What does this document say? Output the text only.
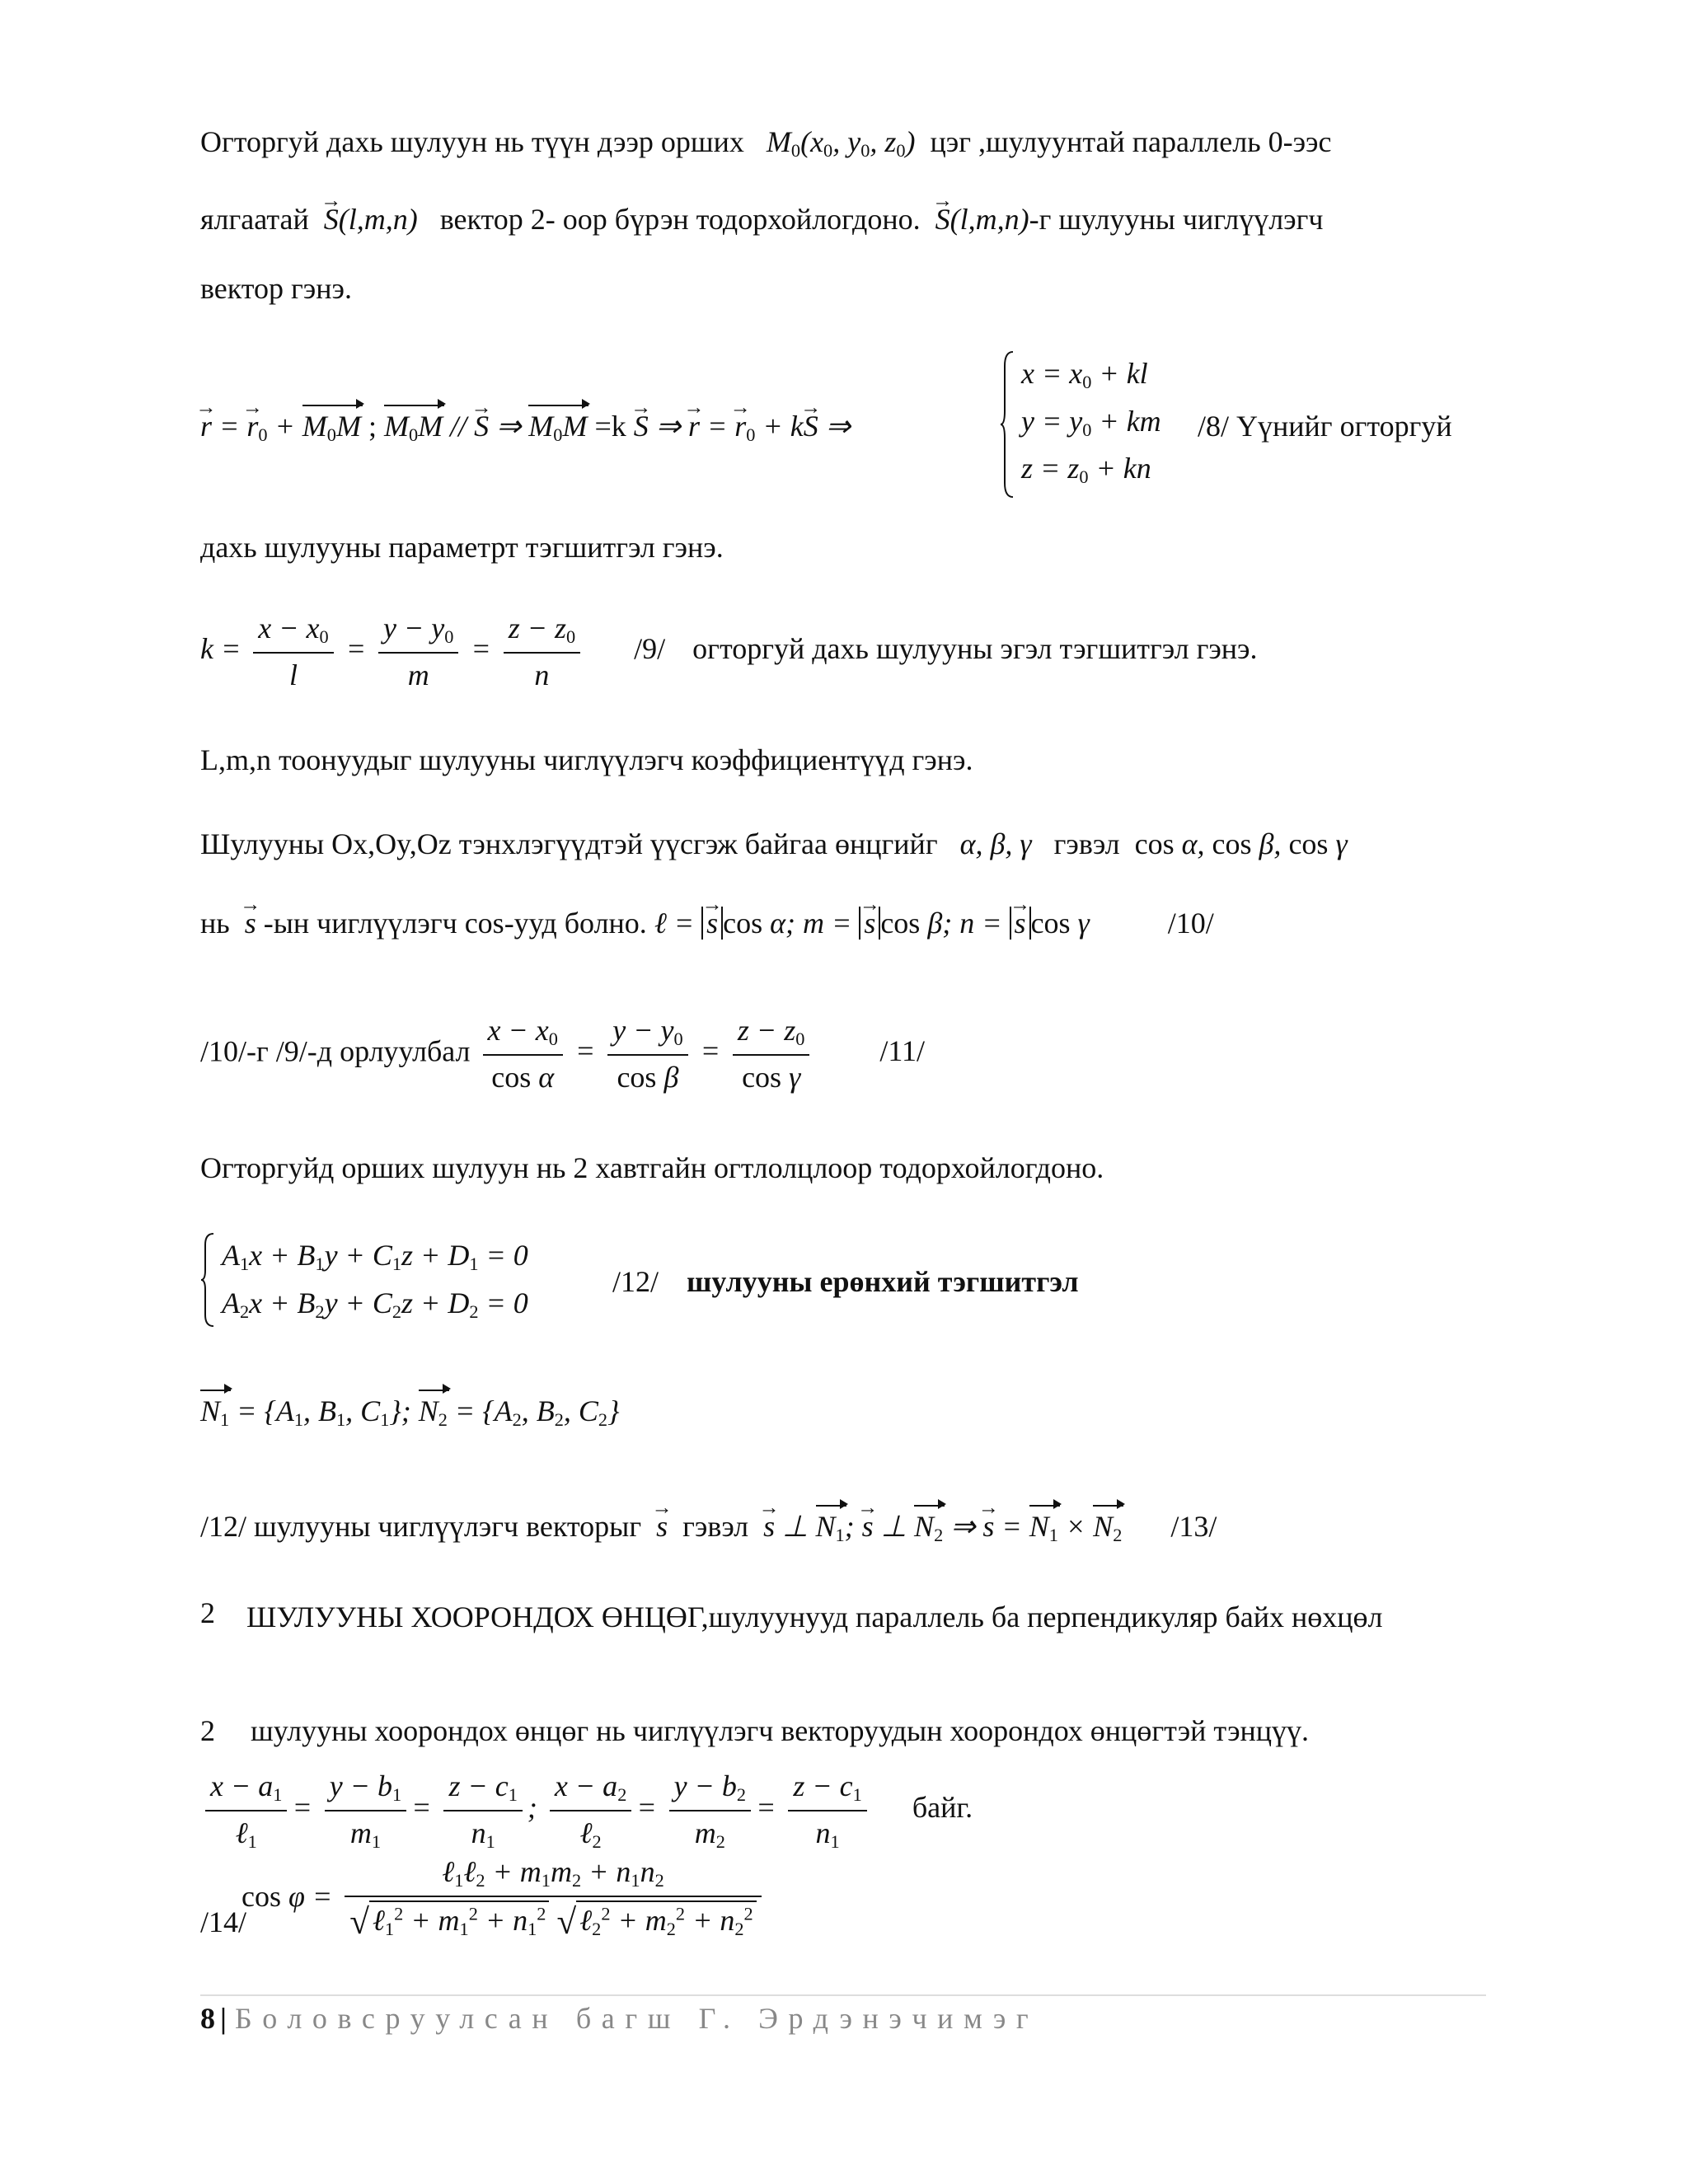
Огторгуй дахь шулуун нь түүн дээр орших $M_0(x_0$, $y_0$, $z_0$) цэг ,шулуунтай параллель 0-ээс
ялгаатай → S(l,m,n) вектор 2- оор бүрэн тодорхойлогдоно. → S(l,m,n)-г шулууны чиглүүлэгч
вектор гэнэ.
→ r = → $r_0 + M_0M$ ; $M_0M$ // → S ⇒ $M_0M =k \to S$ ⇒ → r = → $r_0 + k\to S$ ⇒
$x = x_0$ + kl
$y = y_0$ + km
$z = z_0$ + kn
/8/ Үүнийг огторгуй
дахь шулууны параметрт тэгшитгэл гэнэ.
$k = \frac{x - x_0}{l} = \frac{y - y_0}{m} = \frac{z - z_0}{n} /9/$ огторгуй дахь шулууны эгэл тэгшитгэл гэнэ.
L,m,n тоонуудыг шулууны чиглүүлэгч коэффициентүүд гэнэ.
Шулууны Ox,Oy,Oz тэнхлэгүүдтэй үүсгэж байгаа өнцгийг α, β, γ гэвэл cos α, cos β, cos γ
нь → s -ын чиглүүлэгч cos-ууд болно. ℓ = → s cos α; m = → s cos β; n = → s cos γ	/10/
/10/-г /9/-д орлуулбал $\frac{x - x_0}{\text{cos α}} = \frac{y - y_0}{\text{cos β}} = \frac{z - z_0}{\text{cos γ}} /11/$
Огторгуйд орших шулуун нь 2 хавтгайн огтлолцлоор тодорхойлогдоно.
$A_1x + B_1y + C_1z + D_1 = 0$
$A_2x + B_2y + C_2z + D_2 = 0$
/12/ шулууны ерөнхий тэгшитгэл
$N_1 = \{A_1$, $B_1$, $C_1$}; $N_2 = \{A_2$, $B_2$, $C_2$}
/12/ шулууны чиглүүлэгч векторыг → s гэвэл → s ⊥ $N_1$; → s ⊥ $N_2$ ⇒ → $s = N_1 \times N_2$ /13/
2 ШУЛУУНЫ ХООРОНДОХ ӨНЦӨГ,шулуунууд параллель ба перпендикуляр байх нөхцөл
2 шулууны хоорондох өнцөг нь чиглүүлэгч векторуудын хоорондох өнцөгтэй тэнцүү.
$\frac{x - a_1}{\ell_1} = \frac{y - b_1}{m_1} = \frac{z - c_1}{n_1}$ ; $\frac{x - a_2}{\ell_2} = \frac{y - b_2}{m_2} = \frac{z - c_1}{n_1}$ байг. $\cos \varphi = \frac{\ell_1\ell_2 + m_1m_2 + n_1n_2}{√ \ell_1^2 + m_1^2 + n_1^2 √ \ell_2^2 + m_2^2 + n_2^2}$
/14/
8 | Боловсруулсан багш Г. Эрдэнэчимэг
